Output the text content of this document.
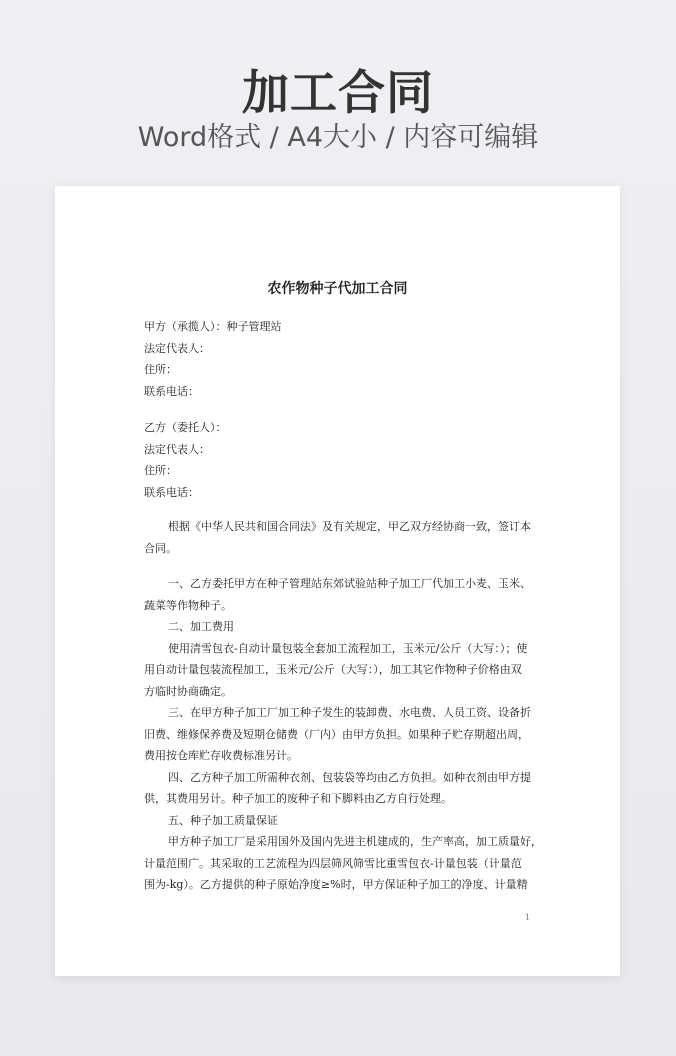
加工合同
Word格式 / A4大小 / 内容可编辑
农作物种子代加工合同
甲方（承揽人）：种子管理站
法定代表人：
住所：
联系电话：
乙方（委托人）：
法定代表人：
住所：
联系电话：
根据《中华人民共和国合同法》及有关规定，甲乙双方经协商一致，签订本
合同。
一、乙方委托甲方在种子管理站东郊试验站种子加工厂代加工小麦、玉米、
蔬菜等作物种子。
二、加工费用
使用清雪包衣-自动计量包装全套加工流程加工，玉米元/公斤（大写：）；使
用自动计量包装流程加工，玉米元/公斤（大写：），加工其它作物种子价格由双
方临时协商确定。
三、在甲方种子加工厂加工种子发生的装卸费、水电费、人员工资、设备折
旧费、维修保养费及短期仓储费（厂内）由甲方负担。如果种子贮存期超出周，
费用按仓库贮存收费标准另计。
四、乙方种子加工所需种衣剂、包装袋等均由乙方负担。如种衣剂由甲方提
供，其费用另计。种子加工的废种子和下脚料由乙方自行处理。
五、种子加工质量保证
甲方种子加工厂是采用国外及国内先进主机建成的，生产率高，加工质量好，
计量范围广。其采取的工艺流程为四层筛风筛雪比重雪包衣-计量包装（计量范
围为-kg）。乙方提供的种子原始净度≥%时，甲方保证种子加工的净度、计量精
1
